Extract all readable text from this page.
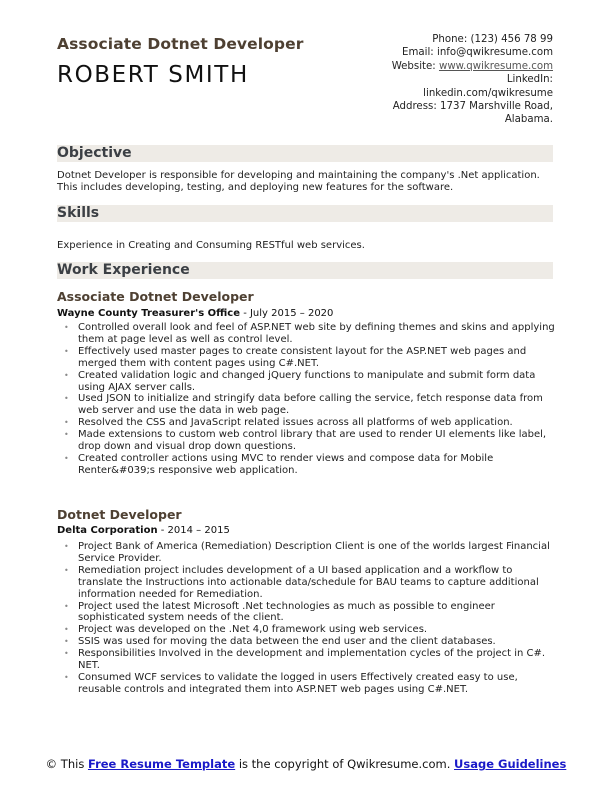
Associate Dotnet Developer
ROBERT SMITH
Phone: (123) 456 78 99
Email: info@qwikresume.com
Website: www.qwikresume.com
LinkedIn:
linkedin.com/qwikresume
Address: 1737 Marshville Road,
Alabama.
Objective
Dotnet Developer is responsible for developing and maintaining the company's .Net application. This includes developing, testing, and deploying new features for the software.
Skills
Experience in Creating and Consuming RESTful web services.
Work Experience
Associate Dotnet Developer
Wayne County Treasurer's Office - July 2015 – 2020
• Controlled overall look and feel of ASP.NET web site by defining themes and skins and applying them at page level as well as control level.
• Effectively used master pages to create consistent layout for the ASP.NET web pages and merged them with content pages using C#.NET.
• Created validation logic and changed jQuery functions to manipulate and submit form data using AJAX server calls.
• Used JSON to initialize and stringify data before calling the service, fetch response data from web server and use the data in web page.
• Resolved the CSS and JavaScript related issues across all platforms of web application.
• Made extensions to custom web control library that are used to render UI elements like label, drop down and visual drop down questions.
• Created controller actions using MVC to render views and compose data for Mobile Renter&#039;s responsive web application.
Dotnet Developer
Delta Corporation - 2014 – 2015
• Project Bank of America (Remediation) Description Client is one of the worlds largest Financial Service Provider.
• Remediation project includes development of a UI based application and a workflow to translate the Instructions into actionable data/schedule for BAU teams to capture additional information needed for Remediation.
• Project used the latest Microsoft .Net technologies as much as possible to engineer sophisticated system needs of the client.
• Project was developed on the .Net 4,0 framework using web services.
• SSIS was used for moving the data between the end user and the client databases.
• Responsibilities Involved in the development and implementation cycles of the project in C#. NET.
• Consumed WCF services to validate the logged in users Effectively created easy to use, reusable controls and integrated them into ASP.NET web pages using C#.NET.
© This Free Resume Template is the copyright of Qwikresume.com. Usage Guidelines
